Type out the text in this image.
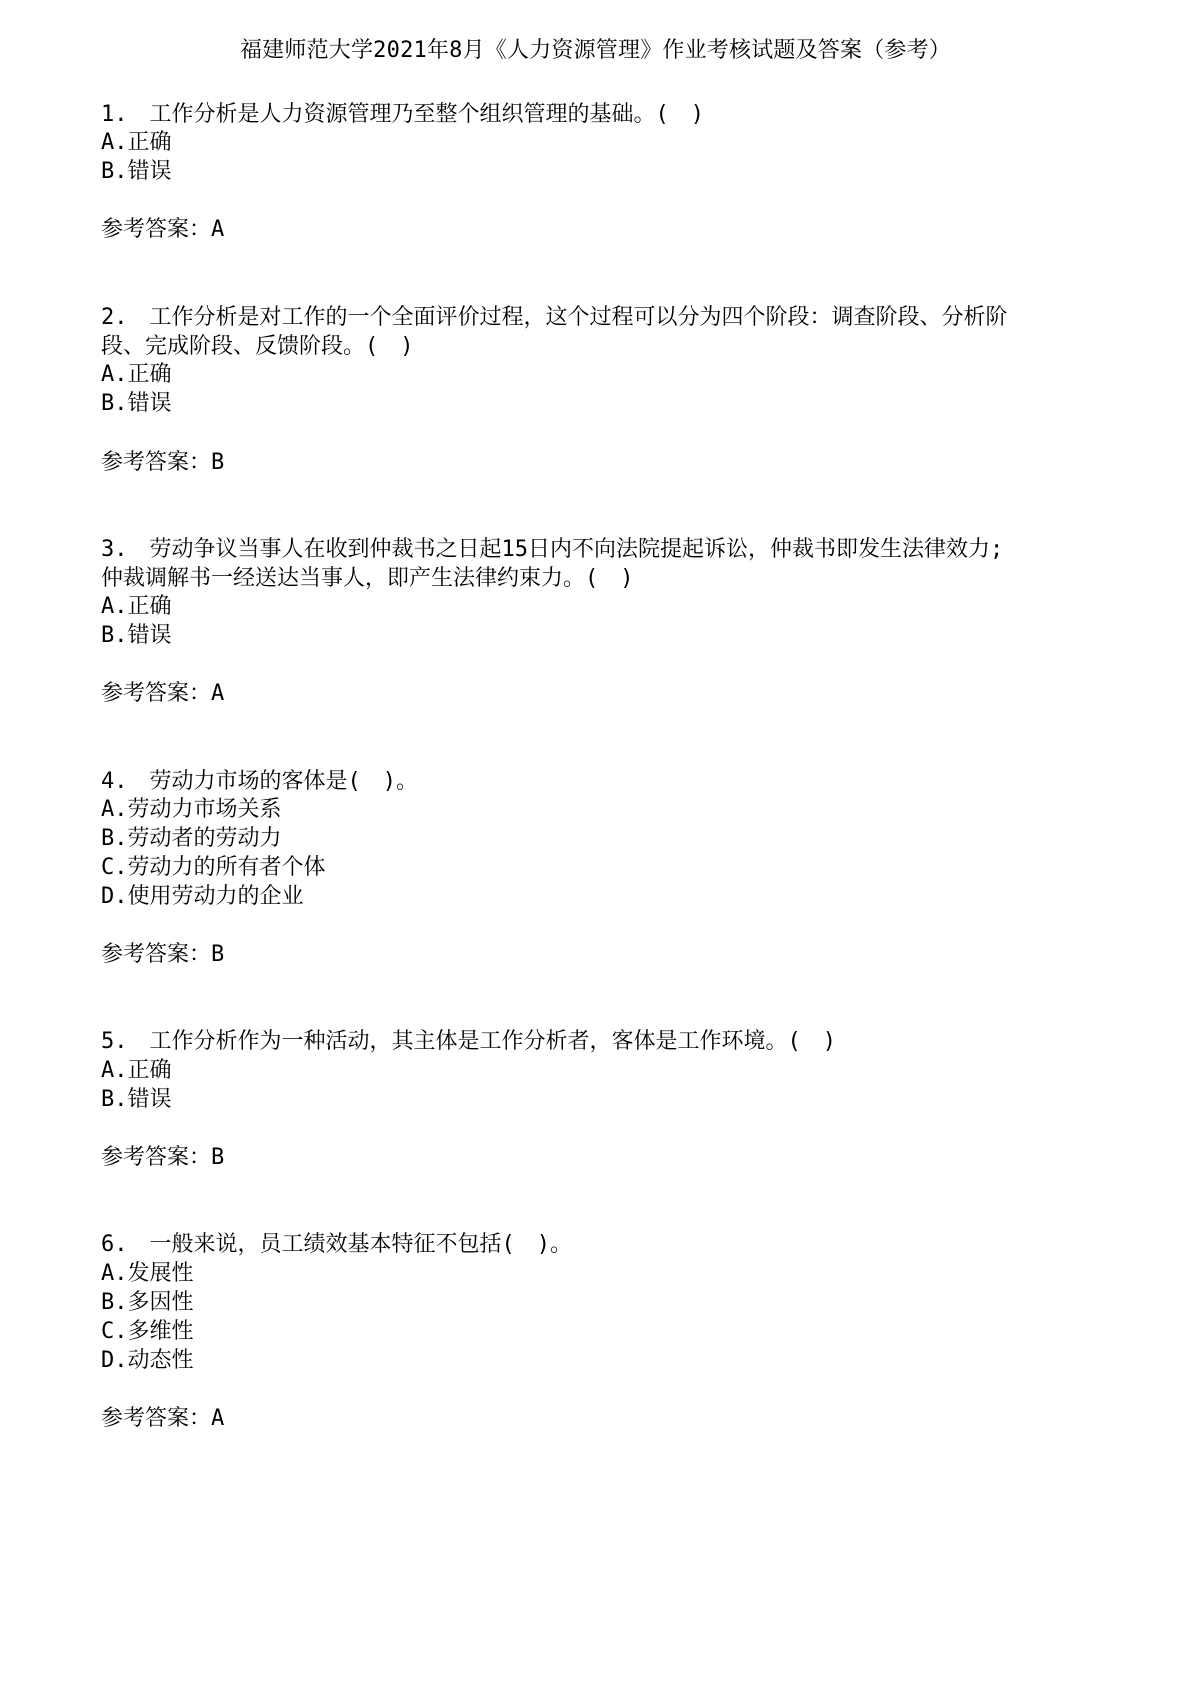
福建师范大学2021年8月《人力资源管理》作业考核试题及答案（参考）
1.　工作分析是人力资源管理乃至整个组织管理的基础。(　)
A.正确
B.错误
参考答案：A
2.　工作分析是对工作的一个全面评价过程，这个过程可以分为四个阶段：调查阶段、分析阶
段、完成阶段、反馈阶段。(　)
A.正确
B.错误
参考答案：B
3.　劳动争议当事人在收到仲裁书之日起15日内不向法院提起诉讼，仲裁书即发生法律效力;
仲裁调解书一经送达当事人，即产生法律约束力。(　)
A.正确
B.错误
参考答案：A
4.　劳动力市场的客体是(　)。
A.劳动力市场关系
B.劳动者的劳动力
C.劳动力的所有者个体
D.使用劳动力的企业
参考答案：B
5.　工作分析作为一种活动，其主体是工作分析者，客体是工作环境。(　)
A.正确
B.错误
参考答案：B
6.　一般来说，员工绩效基本特征不包括(　)。
A.发展性
B.多因性
C.多维性
D.动态性
参考答案：A
